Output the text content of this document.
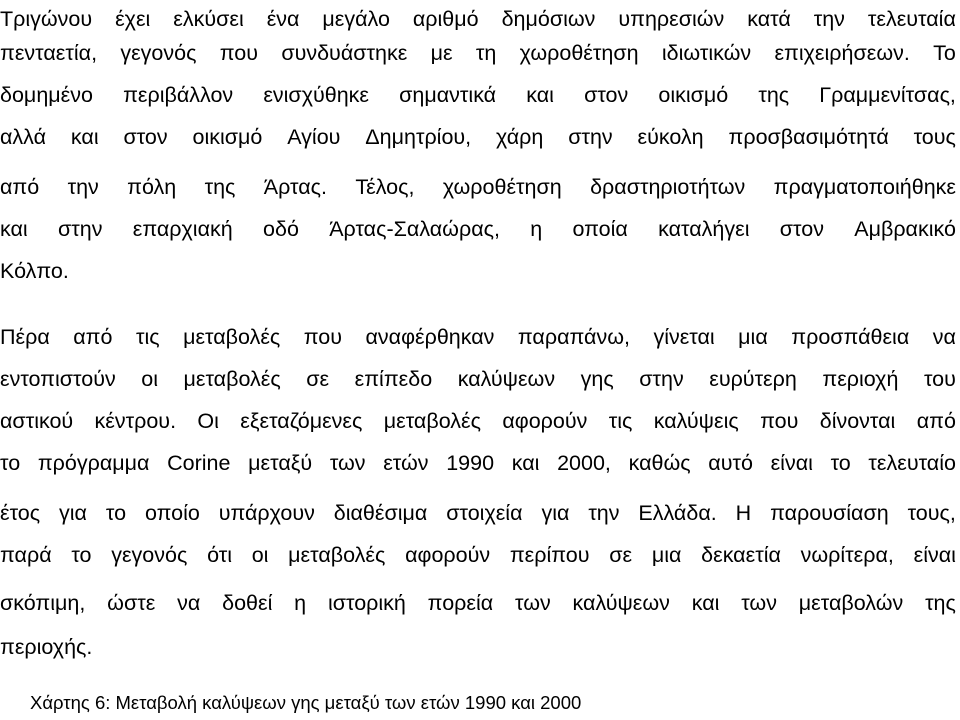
Τριγώνου έχει ελκύσει ένα μεγάλο αριθμό δημόσιων υπηρεσιών κατά την τελευταία
πενταετία, γεγονός που συνδυάστηκε με τη χωροθέτηση ιδιωτικών επιχειρήσεων. Το
δομημένο περιβάλλον ενισχύθηκε σημαντικά και στον οικισμό της Γραμμενίτσας,
αλλά και στον οικισμό Αγίου Δημητρίου, χάρη στην εύκολη προσβασιμότητά τους
από την πόλη της Άρτας. Τέλος, χωροθέτηση δραστηριοτήτων πραγματοποιήθηκε
και στην επαρχιακή οδό Άρτας-Σαλαώρας, η οποία καταλήγει στον Αμβρακικό
Κόλπο.
Πέρα από τις μεταβολές που αναφέρθηκαν παραπάνω, γίνεται μια προσπάθεια να
εντοπιστούν οι μεταβολές σε επίπεδο καλύψεων γης στην ευρύτερη περιοχή του
αστικού κέντρου. Οι εξεταζόμενες μεταβολές αφορούν τις καλύψεις που δίνονται από
το πρόγραμμα Corine μεταξύ των ετών 1990 και 2000, καθώς αυτό είναι το τελευταίο
έτος για το οποίο υπάρχουν διαθέσιμα στοιχεία για την Ελλάδα. Η παρουσίαση τους,
παρά το γεγονός ότι οι μεταβολές αφορούν περίπου σε μια δεκαετία νωρίτερα, είναι
σκόπιμη, ώστε να δοθεί η ιστορική πορεία των καλύψεων και των μεταβολών της
περιοχής.
Χάρτης 6: Μεταβολή καλύψεων γης μεταξύ των ετών 1990 και 2000
